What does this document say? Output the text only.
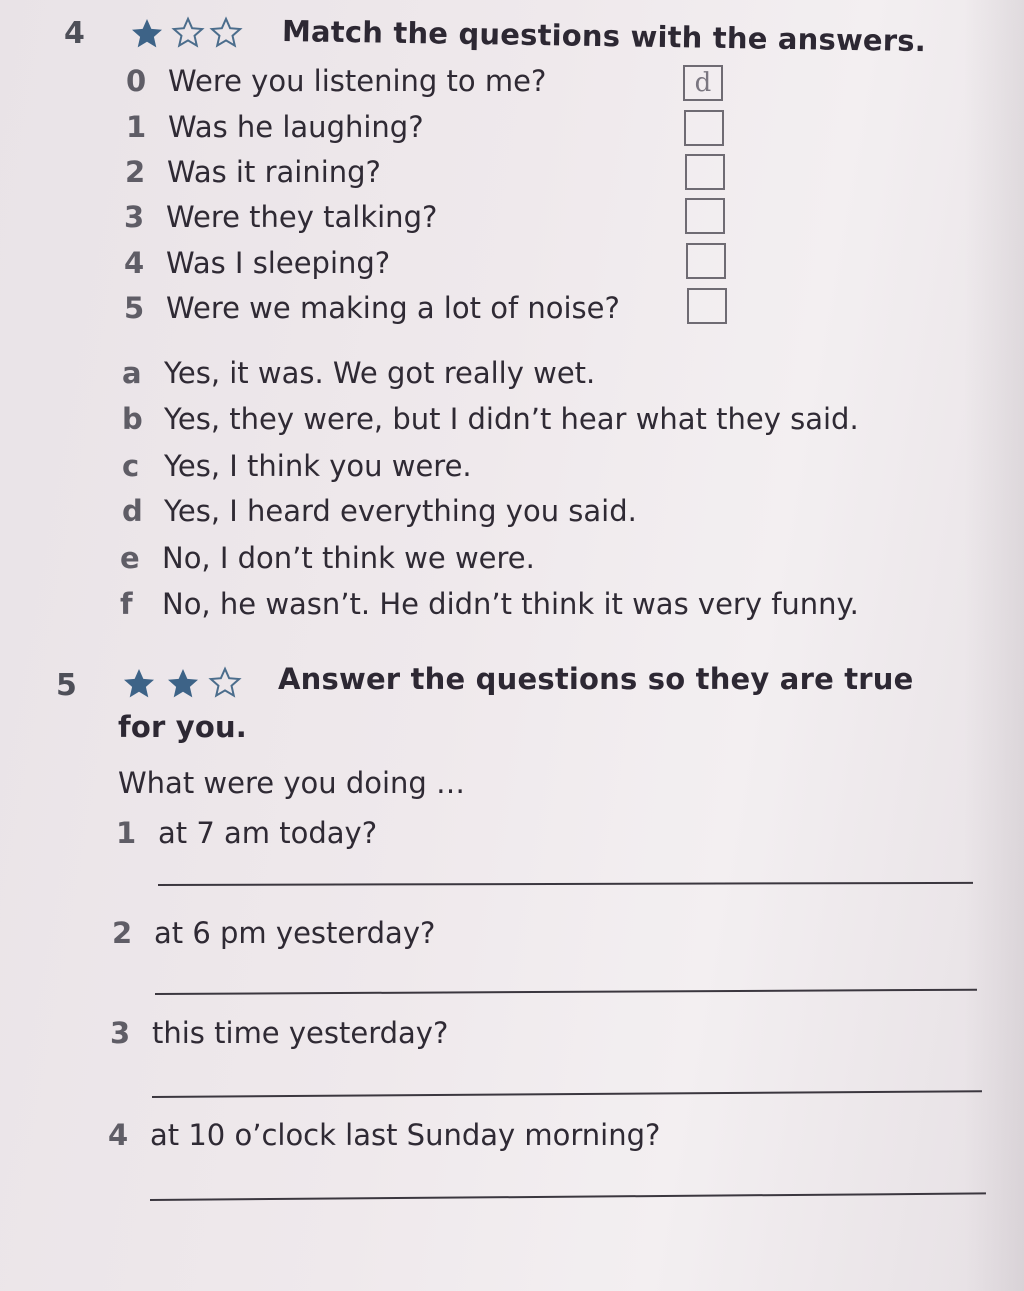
4	Match the questions with the answers.
0 Were you listening to me?
1 Was he laughing?
2 Was it raining?
3 Were they talking?
4 Was I sleeping?
5 Were we making a lot of noise?
d
a Yes, it was. We got really wet.
b Yes, they were, but I didn’t hear what they said.
c Yes, I think you were.
d Yes, I heard everything you said.
e No, I don’t think we were.
f	No, he wasn’t. He didn’t think it was very funny.
5	Answer the questions so they are true
for you.
What were you doing …
1 at 7 am today?
2 at 6 pm yesterday?
3 this time yesterday?
4 at 10 o’clock last Sunday morning?
